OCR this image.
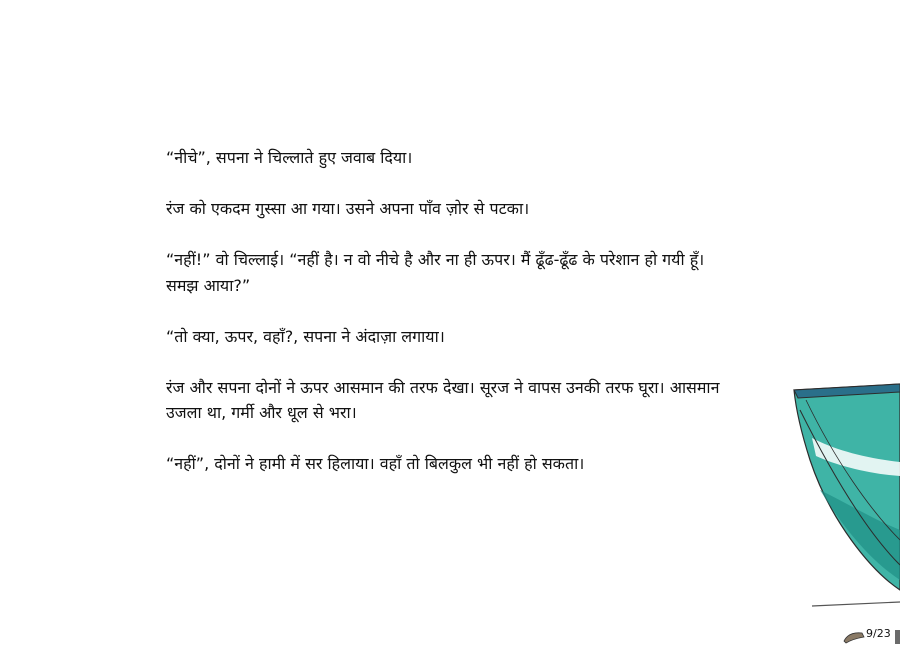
“नीचे”, सपना ने चिल्लाते हुए जवाब दिया।

रंज को एकदम गुस्सा आ गया। उसने अपना पाँव ज़ोर से पटका।

“नहीं!” वो चिल्लाई। “नहीं है। न वो नीचे है और ना ही ऊपर। मैं ढूँढ-ढूँढ के परेशान हो गयी हूँ। समझ आया?”

“तो क्या, ऊपर, वहाँ?, सपना ने अंदाज़ा लगाया।

रंज और सपना दोनों ने ऊपर आसमान की तरफ देखा। सूरज ने वापस उनकी तरफ घूरा। आसमान उजला था, गर्मी और धूल से भरा।

“नहीं”, दोनों ने हामी में सर हिलाया। वहाँ तो बिलकुल भी नहीं हो सकता।

9/23
